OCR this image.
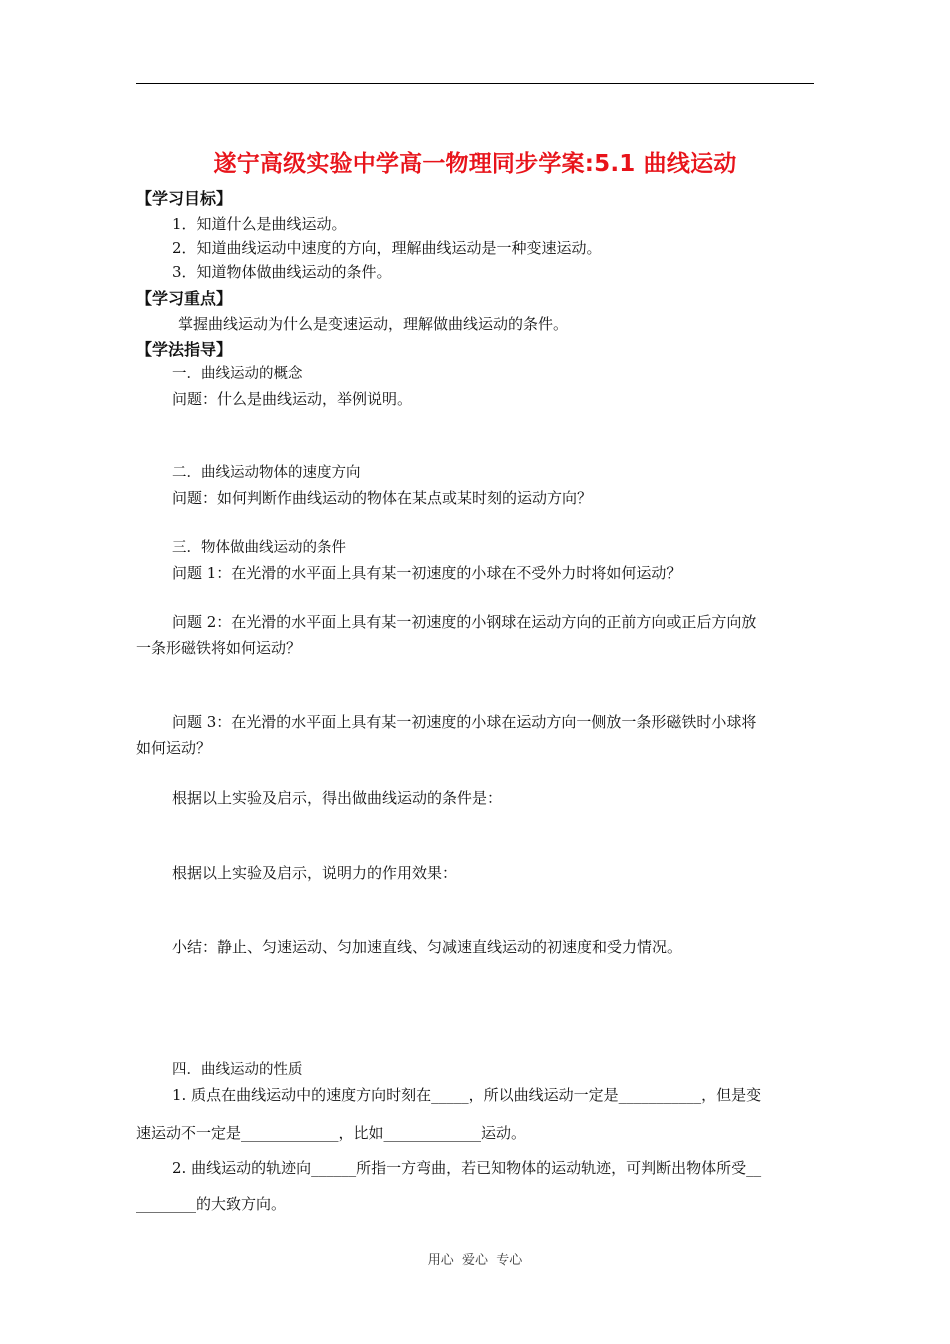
遂宁高级实验中学高一物理同步学案:5.1 曲线运动
【学习目标】
1．知道什么是曲线运动。
2．知道曲线运动中速度的方向，理解曲线运动是一种变速运动。
3．知道物体做曲线运动的条件。
【学习重点】
掌握曲线运动为什么是变速运动，理解做曲线运动的条件。
【学法指导】
一．曲线运动的概念
问题：什么是曲线运动，举例说明。
二．曲线运动物体的速度方向
问题：如何判断作曲线运动的物体在某点或某时刻的运动方向？
三．物体做曲线运动的条件
问题 1：在光滑的水平面上具有某一初速度的小球在不受外力时将如何运动？
问题 2：在光滑的水平面上具有某一初速度的小钢球在运动方向的正前方向或正后方向放
一条形磁铁将如何运动？
问题 3：在光滑的水平面上具有某一初速度的小球在运动方向一侧放一条形磁铁时小球将
如何运动？
根据以上实验及启示，得出做曲线运动的条件是：
根据以上实验及启示，说明力的作用效果：
小结：静止、匀速运动、匀加速直线、匀减速直线运动的初速度和受力情况。
四．曲线运动的性质
1. 质点在曲线运动中的速度方向时刻在_____，所以曲线运动一定是___________，但是变
速运动不一定是_____________，比如_____________运动。
2. 曲线运动的轨迹向______所指一方弯曲，若已知物体的运动轨迹，可判断出物体所受__
________的大致方向。
用心  爱心  专心
